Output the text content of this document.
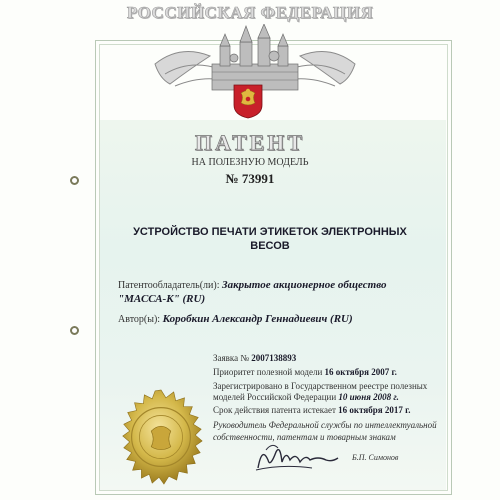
РОССИЙСКАЯ ФЕДЕРАЦИЯ
ПАТЕНТ
НА ПОЛЕЗНУЮ МОДЕЛЬ
№ 73991
УСТРОЙСТВО ПЕЧАТИ ЭТИКЕТОК ЭЛЕКТРОННЫХ
ВЕСОВ
Патентообладатель(ли): Закрытое акционерное общество
"МАССА-К" (RU)
Автор(ы): Коробкин Александр Геннадиевич (RU)
Заявка № 2007138893
Приоритет полезной модели 16 октября 2007 г.
Зарегистрировано в Государственном реестре полезных
моделей Российской Федерации 10 июня 2008 г.
Срок действия патента истекает 16 октября 2017 г.
Руководитель Федеральной службы по интеллектуальной
собственности, патентам и товарным знакам
Б.П. Симонов
